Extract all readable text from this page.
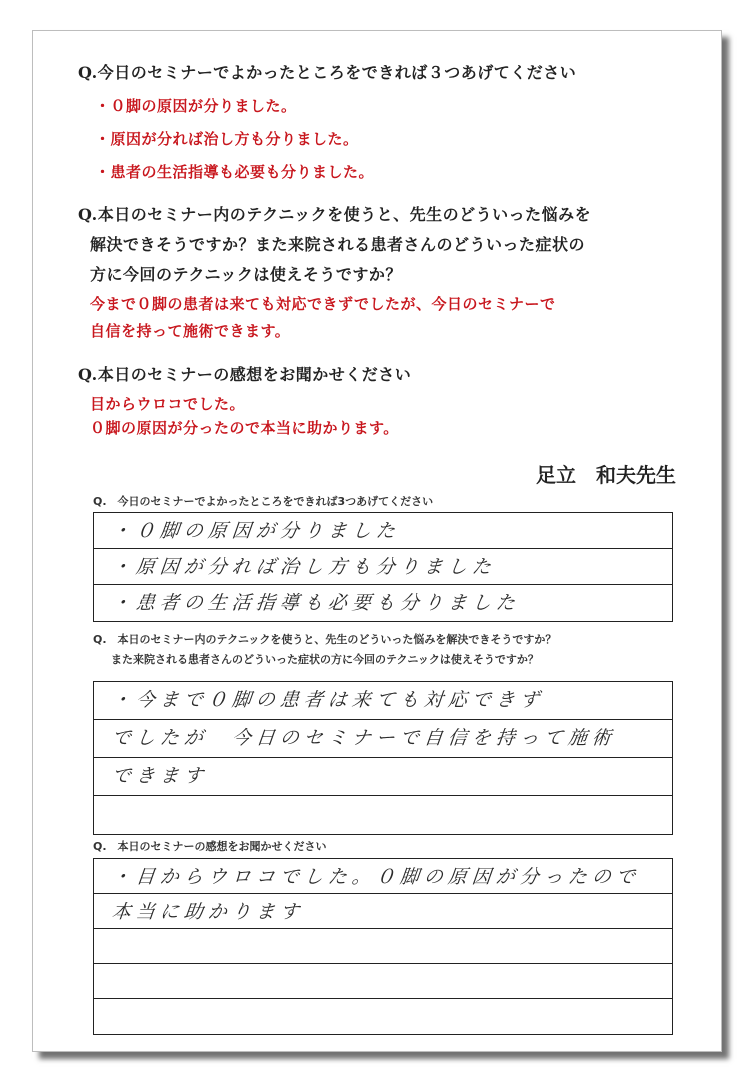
Q.今日のセミナーでよかったところをできれば３つあげてください
・０脚の原因が分りました。
・原因が分れば治し方も分りました。
・患者の生活指導も必要も分りました。
Q.本日のセミナー内のテクニックを使うと、先生のどういった悩みを
解決できそうですか？また来院される患者さんのどういった症状の
方に今回のテクニックは使えそうですか？
今まで０脚の患者は来ても対応できずでしたが、今日のセミナーで
自信を持って施術できます。
Q.本日のセミナーの感想をお聞かせください
目からウロコでした。
０脚の原因が分ったので本当に助かります。
足立　和夫先生
Q.　今日のセミナーでよかったところをできれば3つあげてください
・０脚の原因が分りました
・原因が分れば治し方も分りました
・患者の生活指導も必要も分りました
Q.　本日のセミナー内のテクニックを使うと、先生のどういった悩みを解決できそうですか？
また来院される患者さんのどういった症状の方に今回のテクニックは使えそうですか？
・今まで０脚の患者は来ても対応できず
でしたが　今日のセミナーで自信を持って施術
できます
Q.　本日のセミナーの感想をお聞かせください
・目からウロコでした。０脚の原因が分ったので
本当に助かります
